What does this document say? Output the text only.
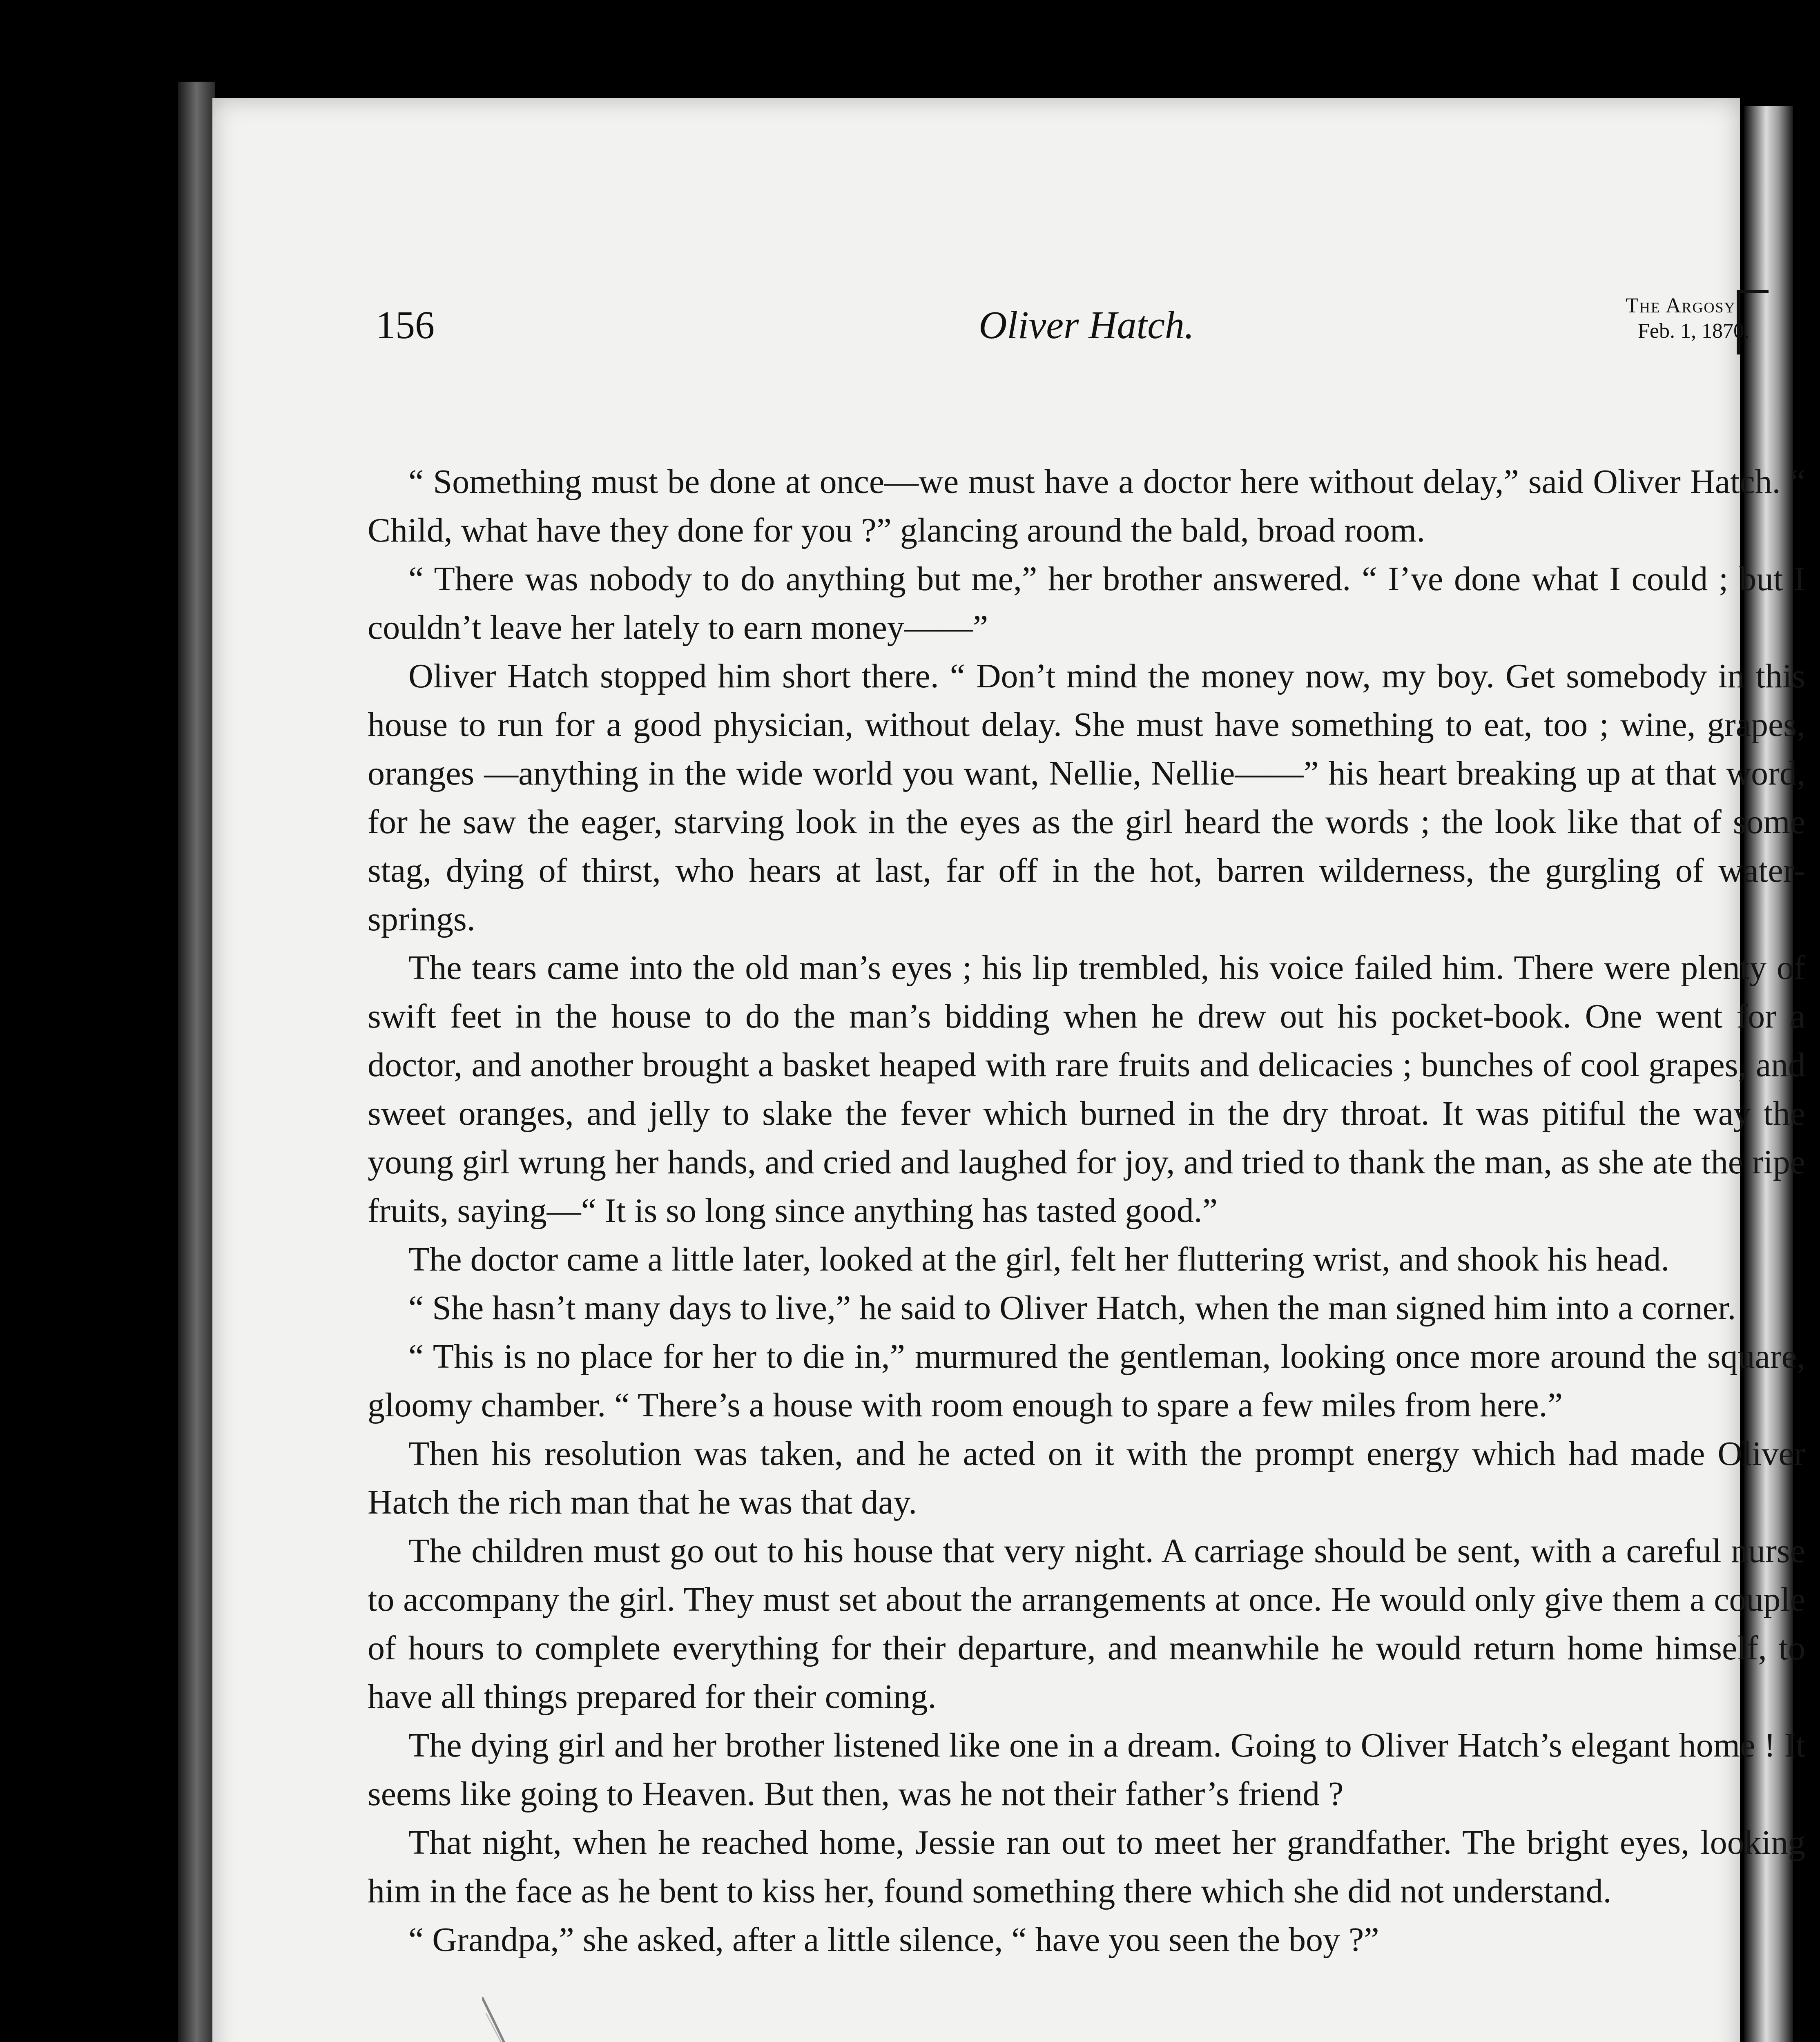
156	Oliver Hatch.	The Argosy.
Feb. 1, 1870.

“ Something must be done at once—we must have a doctor here without delay,” said Oliver Hatch. “ Child, what have they done for you ?” glancing around the bald, broad room.

“ There was nobody to do anything but me,” her brother answered. “ I’ve done what I could ; but I couldn’t leave her lately to earn money——”

Oliver Hatch stopped him short there. “ Don’t mind the money now, my boy. Get somebody in this house to run for a good physician, without delay. She must have something to eat, too ; wine, grapes, oranges —anything in the wide world you want, Nellie, Nellie——” his heart breaking up at that word, for he saw the eager, starving look in the eyes as the girl heard the words ; the look like that of some stag, dying of thirst, who hears at last, far off in the hot, barren wilderness, the gurgling of water-springs.

The tears came into the old man’s eyes ; his lip trembled, his voice failed him. There were plenty of swift feet in the house to do the man’s bidding when he drew out his pocket-book. One went for a doctor, and another brought a basket heaped with rare fruits and delicacies ; bunches of cool grapes, and sweet oranges, and jelly to slake the fever which burned in the dry throat. It was pitiful the way the young girl wrung her hands, and cried and laughed for joy, and tried to thank the man, as she ate the ripe fruits, saying—“ It is so long since anything has tasted good.”

The doctor came a little later, looked at the girl, felt her fluttering wrist, and shook his head.

“ She hasn’t many days to live,” he said to Oliver Hatch, when the man signed him into a corner.

“ This is no place for her to die in,” murmured the gentleman, looking once more around the square, gloomy chamber. “ There’s a house with room enough to spare a few miles from here.”

Then his resolution was taken, and he acted on it with the prompt energy which had made Oliver Hatch the rich man that he was that day.

The children must go out to his house that very night. A carriage should be sent, with a careful nurse to accompany the girl. They must set about the arrangements at once. He would only give them a couple of hours to complete everything for their departure, and meanwhile he would return home himself, to have all things prepared for their coming.

The dying girl and her brother listened like one in a dream. Going to Oliver Hatch’s elegant home ! It seems like going to Heaven. But then, was he not their father’s friend ?

That night, when he reached home, Jessie ran out to meet her grandfather. The bright eyes, looking him in the face as he bent to kiss her, found something there which she did not understand.

“ Grandpa,” she asked, after a little silence, “ have you seen the boy ?”
